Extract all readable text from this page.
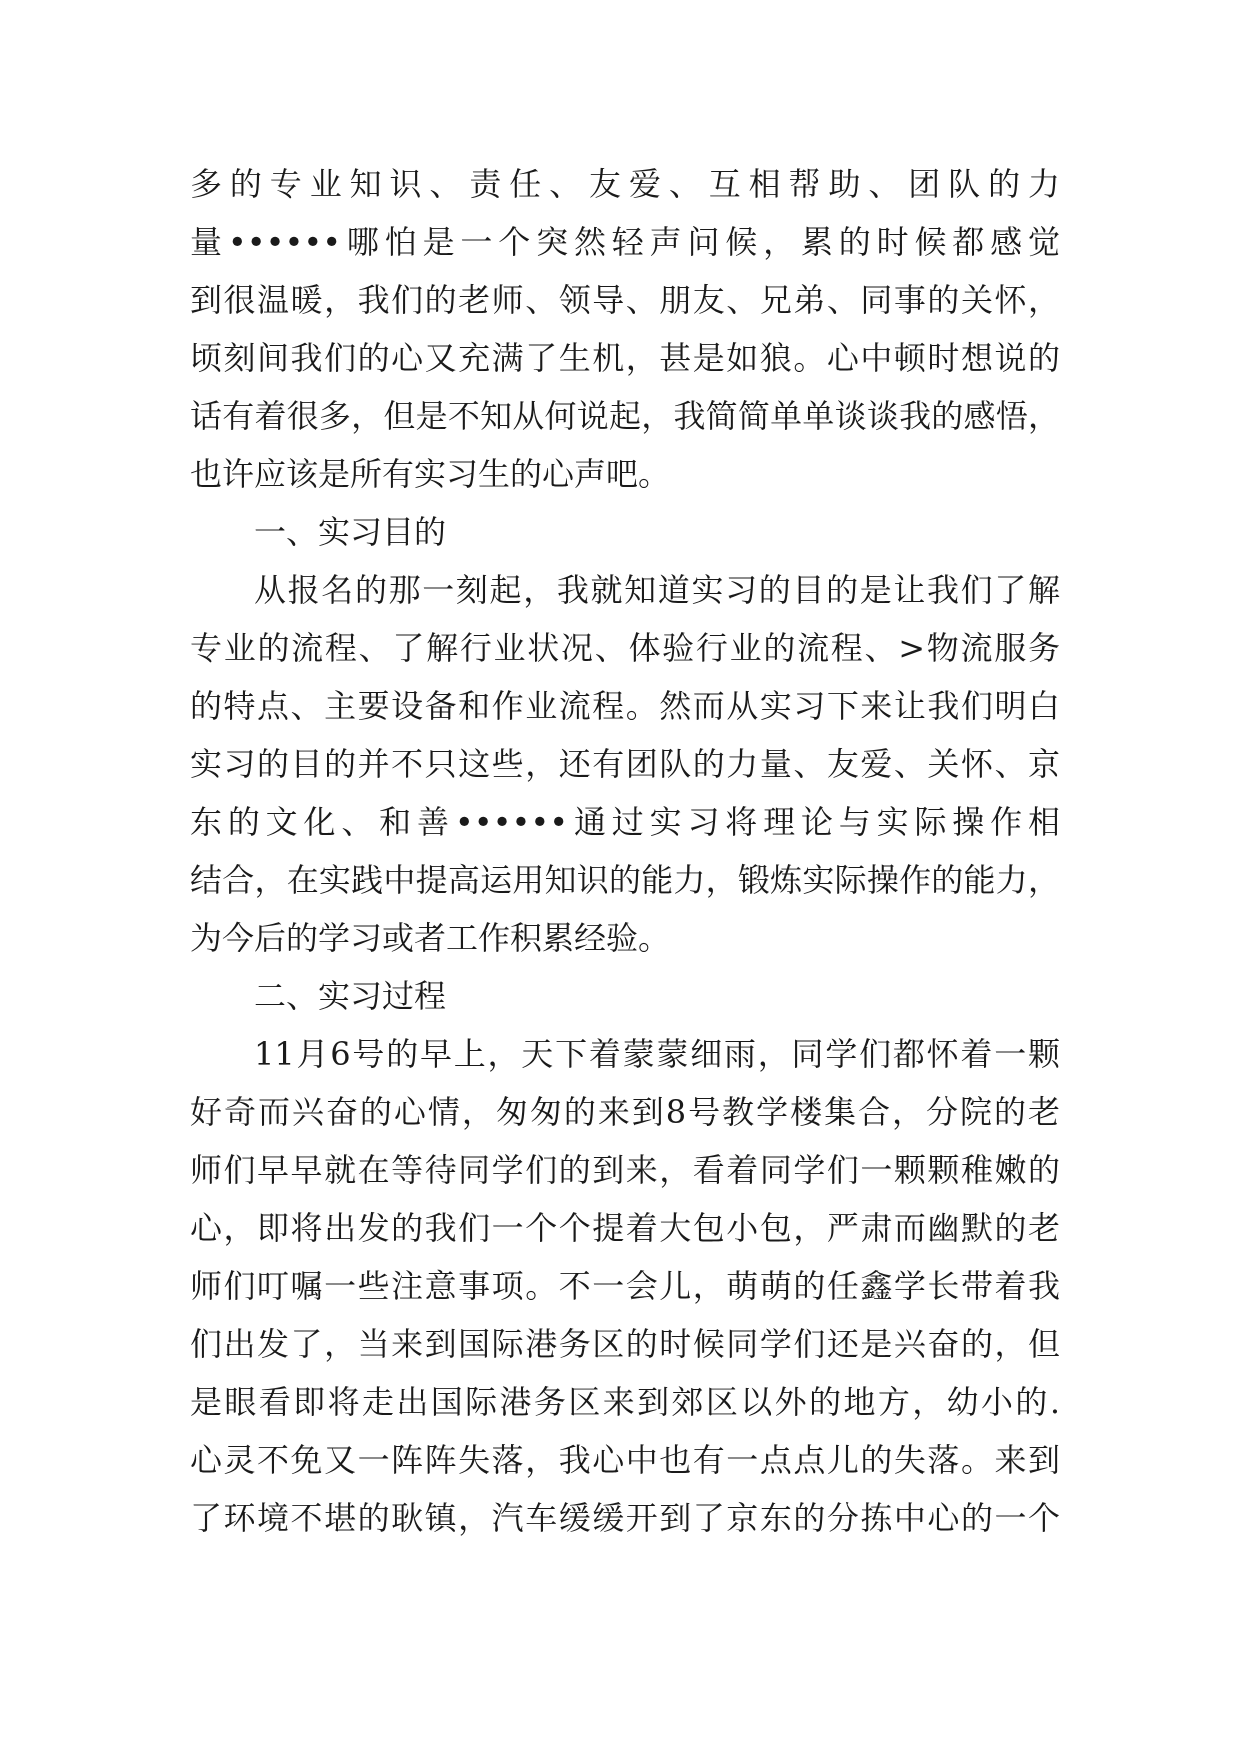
多的专业知识、责任、友爱、互相帮助、团队的力
量••••••哪怕是一个突然轻声问候，累的时候都感觉
到很温暖，我们的老师、领导、朋友、兄弟、同事的关怀，
顷刻间我们的心又充满了生机，甚是如狼。心中顿时想说的
话有着很多，但是不知从何说起，我简简单单谈谈我的感悟，
也许应该是所有实习生的心声吧。
一、实习目的
从报名的那一刻起，我就知道实习的目的是让我们了解
专业的流程、了解行业状况、体验行业的流程、>物流服务
的特点、主要设备和作业流程。然而从实习下来让我们明白
实习的目的并不只这些，还有团队的力量、友爱、关怀、京
东的文化、和善••••••通过实习将理论与实际操作相
结合，在实践中提高运用知识的能力，锻炼实际操作的能力，
为今后的学习或者工作积累经验。
二、实习过程
11月6号的早上，天下着蒙蒙细雨，同学们都怀着一颗
好奇而兴奋的心情，匆匆的来到8号教学楼集合，分院的老
师们早早就在等待同学们的到来，看着同学们一颗颗稚嫩的
心，即将出发的我们一个个提着大包小包，严肃而幽默的老
师们叮嘱一些注意事项。不一会儿，萌萌的任鑫学长带着我
们出发了，当来到国际港务区的时候同学们还是兴奋的，但
是眼看即将走出国际港务区来到郊区以外的地方，幼小的.
心灵不免又一阵阵失落，我心中也有一点点儿的失落。来到
了环境不堪的耿镇，汽车缓缓开到了京东的分拣中心的一个
